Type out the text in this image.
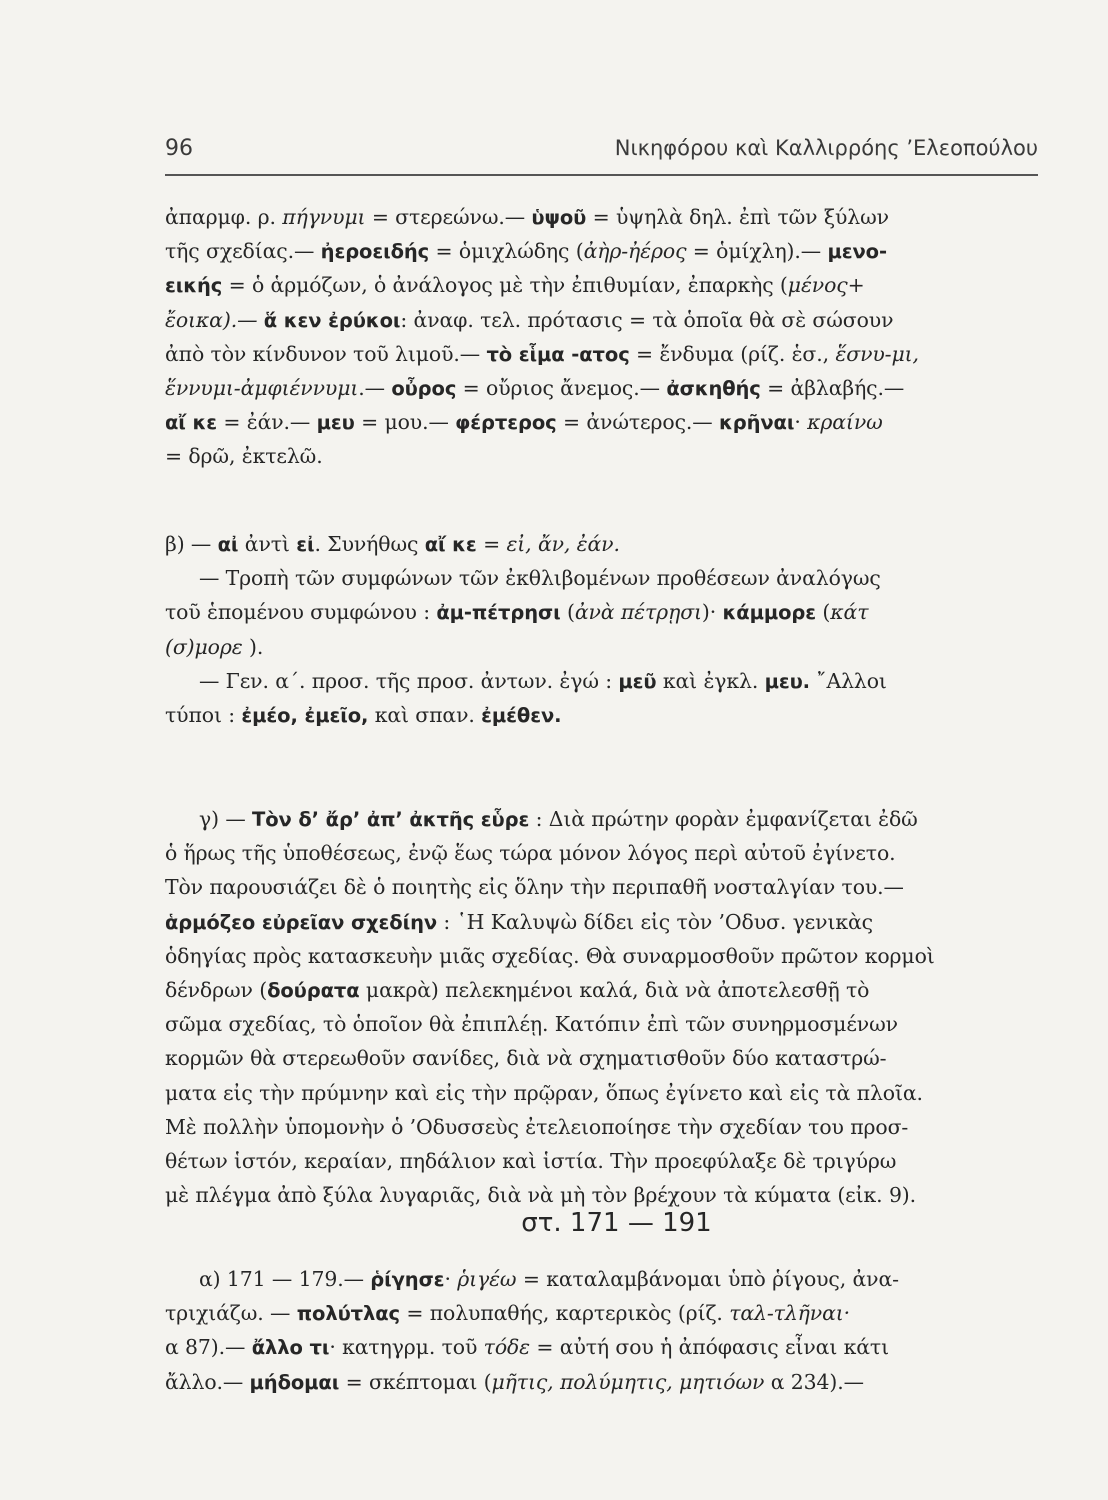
96	Νικηφόρου καὶ Καλλιρρόης ’Ελεοπούλου
ἀπαρμφ. ρ. πήγνυμι = στερεώνω.— ὑψοῦ = ὑψηλὰ δηλ. ἐπὶ τῶν ξύλων
τῆς σχεδίας.— ἠεροειδής = ὁμιχλώδης (ἀὴρ-ἠέρος = ὁμίχλη).— μενο-
εικής = ὁ ἁρμόζων, ὁ ἀνάλογος μὲ τὴν ἐπιθυμίαν, ἐπαρκὴς (μένος+
ἔοικα).— ἅ κεν ἐρύκοι: ἀναφ. τελ. πρότασις = τὰ ὁποῖα θὰ σὲ σώσουν
ἀπὸ τὸν κίνδυνον τοῦ λιμοῦ.— τὸ εἷμα -ατος = ἔνδυμα (ρίζ. ἑσ., ἕσνυ-μι,
ἕννυμι-ἀμφιέννυμι.— οὖρος = οὔριος ἄνεμος.— ἀσκηθής = ἀβλαβής.—
αἴ κε = ἐάν.— μευ = μου.— φέρτερος = ἀνώτερος.— κρῆναι· κραίνω
= δρῶ, ἐκτελῶ.
β) — αἰ ἀντὶ εἰ. Συνήθως αἴ κε = εἰ, ἄν, ἐάν.
— Τροπὴ τῶν συμφώνων τῶν ἐκθλιβομένων προθέσεων ἀναλόγως
τοῦ ἑπομένου συμφώνου : ἀμ-πέτρησι (ἀνὰ πέτρῃσι)· κάμμορε (κάτ
(σ)μορε ).
— Γεν. α΄. προσ. τῆς προσ. ἀντων. ἐγώ : μεῦ καὶ ἐγκλ. μευ. ῎Αλλοι
τύποι : ἐμέο, ἐμεῖο, καὶ σπαν. ἐμέθεν.
γ) — Τὸν δ’ ἄρ’ ἀπ’ ἀκτῆς εὗρε : Διὰ πρώτην φορὰν ἐμφανίζεται ἐδῶ
ὁ ἥρως τῆς ὑποθέσεως, ἐνῷ ἕως τώρα μόνον λόγος περὶ αὐτοῦ ἐγίνετο.
Τὸν παρουσιάζει δὲ ὁ ποιητὴς εἰς ὅλην τὴν περιπαθῆ νοσταλγίαν του.—
ἁρμόζεο εὐρεῖαν σχεδίην : ῾Η Καλυψὼ δίδει εἰς τὸν ’Οδυσ. γενικὰς
ὁδηγίας πρὸς κατασκευὴν μιᾶς σχεδίας. Θὰ συναρμοσθοῦν πρῶτον κορμοὶ
δένδρων (δούρατα μακρὰ) πελεκημένοι καλά, διὰ νὰ ἀποτελεσθῇ τὸ
σῶμα σχεδίας, τὸ ὁποῖον θὰ ἐπιπλέῃ. Κατόπιν ἐπὶ τῶν συνηρμοσμένων
κορμῶν θὰ στερεωθοῦν σανίδες, διὰ νὰ σχηματισθοῦν δύο καταστρώ-
ματα εἰς τὴν πρύμνην καὶ εἰς τὴν πρῷραν, ὅπως ἐγίνετο καὶ εἰς τὰ πλοῖα.
Μὲ πολλὴν ὑπομονὴν ὁ ’Οδυσσεὺς ἐτελειοποίησε τὴν σχεδίαν του προσ-
θέτων ἱστόν, κεραίαν, πηδάλιον καὶ ἱστία. Τὴν προεφύλαξε δὲ τριγύρω
μὲ πλέγμα ἀπὸ ξύλα λυγαριᾶς, διὰ νὰ μὴ τὸν βρέχουν τὰ κύματα (εἰκ. 9).
στ. 171 — 191
α) 171 — 179.— ῥίγησε· ῥιγέω = καταλαμβάνομαι ὑπὸ ῥίγους, ἀνα-
τριχιάζω. — πολύτλας = πολυπαθής, καρτερικὸς (ρίζ. ταλ-τλῆναι·
α 87).— ἄλλο τι· κατηγρμ. τοῦ τόδε = αὐτή σου ἡ ἀπόφασις εἶναι κάτι
ἄλλο.— μήδομαι = σκέπτομαι (μῆτις, πολύμητις, μητιόων α 234).—
